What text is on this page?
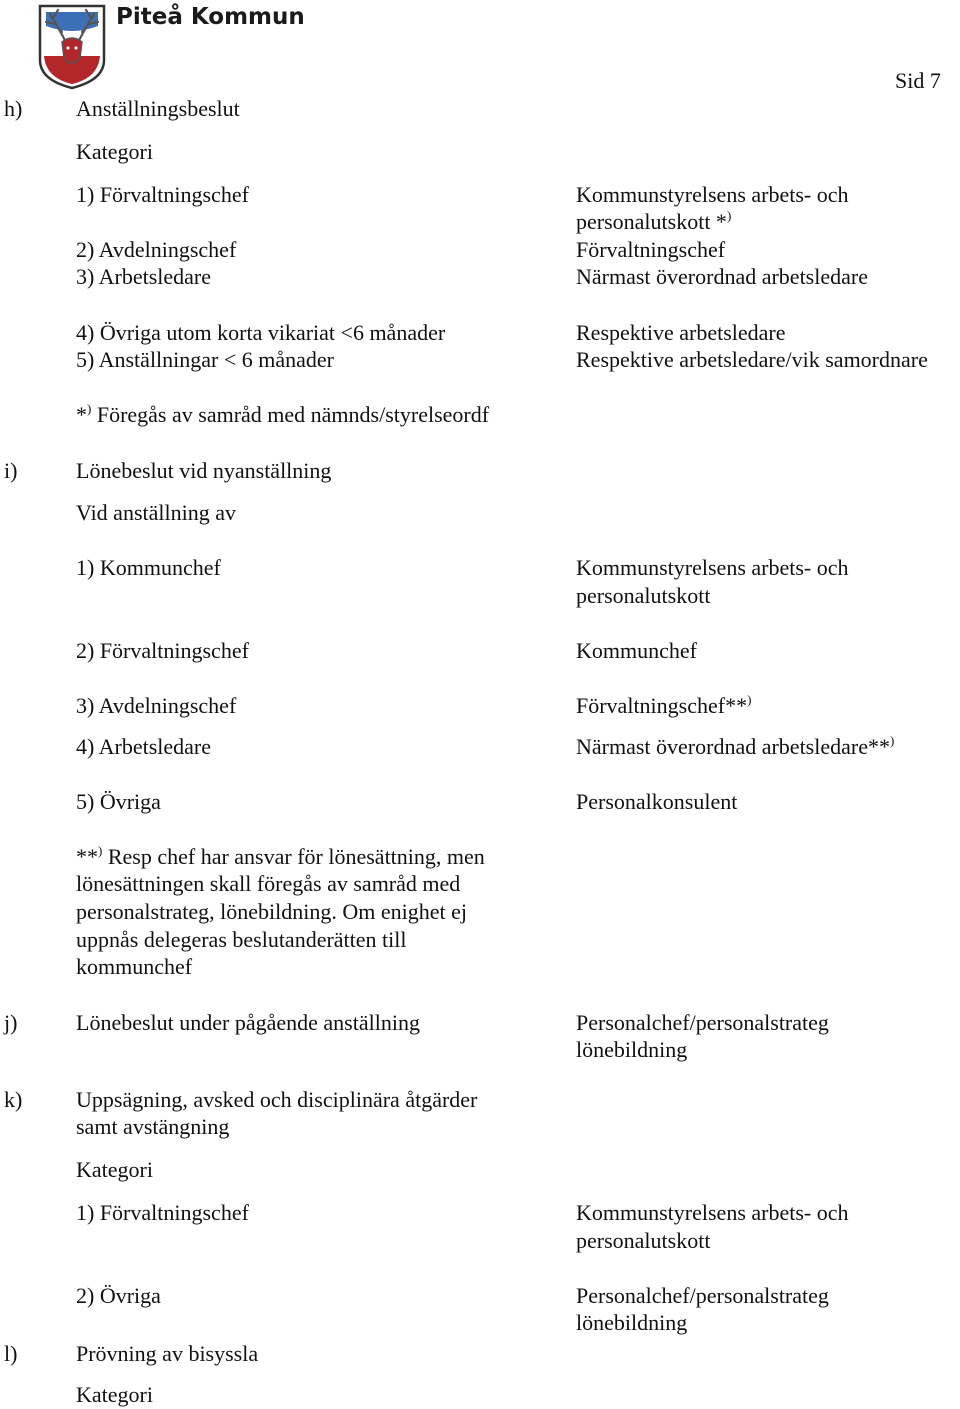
Piteå Kommun
Sid 7
h) Anställningsbeslut
Kategori
1) Förvaltningschef	Kommunstyrelsens arbets- och
personalutskott *)
2) Avdelningschef	Förvaltningschef
3) Arbetsledare	Närmast överordnad arbetsledare
4) Övriga utom korta vikariat <6 månader	Respektive arbetsledare
5) Anställningar < 6 månader	Respektive arbetsledare/vik samordnare
*) Föregås av samråd med nämnds/styrelseordf
i)	Lönebeslut vid nyanställning
Vid anställning av
1) Kommunchef	Kommunstyrelsens arbets- och
personalutskott
2) Förvaltningschef	Kommunchef
3) Avdelningschef	Förvaltningschef**)
4) Arbetsledare	Närmast överordnad arbetsledare**)
5) Övriga	Personalkonsulent
**) Resp chef har ansvar för lönesättning, men
lönesättningen skall föregås av samråd med
personalstrateg, lönebildning. Om enighet ej
uppnås delegeras beslutanderätten till
kommunchef
j)	Lönebeslut under pågående anställning	Personalchef/personalstrateg
lönebildning
k) Uppsägning, avsked och disciplinära åtgärder
samt avstängning
Kategori
1) Förvaltningschef	Kommunstyrelsens arbets- och
personalutskott
2) Övriga	Personalchef/personalstrateg
lönebildning
l)	Prövning av bisyssla
Kategori
